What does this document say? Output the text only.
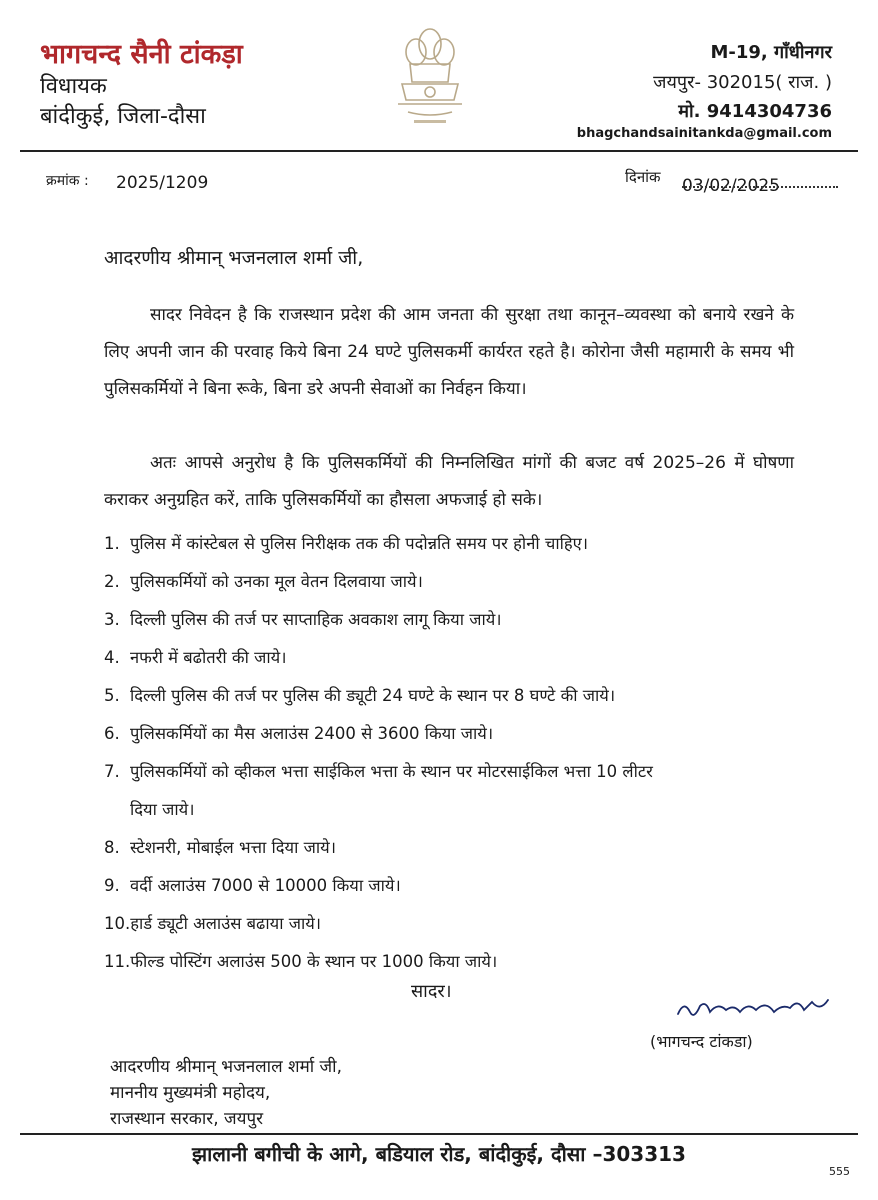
भागचन्द सैनी टांकड़ा
विधायक
बांदीकुई, जिला-दौसा
M-19, गाँधीनगर
जयपुर- 302015( राज. )
मो. 9414304736
bhagchandsainitankda@gmail.com
क्रमांक : 2025/1209	दिनांक 03/02/2025
आदरणीय श्रीमान् भजनलाल शर्मा जी,
सादर निवेदन है कि राजस्थान प्रदेश की आम जनता की सुरक्षा तथा कानून–व्यवस्था को बनाये रखने के लिए अपनी जान की परवाह किये बिना 24 घण्टे पुलिसकर्मी कार्यरत रहते है। कोरोना जैसी महामारी के समय भी पुलिसकर्मियों ने बिना रूके, बिना डरे अपनी सेवाओं का निर्वहन किया।
अतः आपसे अनुरोध है कि पुलिसकर्मियों की निम्नलिखित मांगों की बजट वर्ष 2025–26 में घोषणा कराकर अनुग्रहित करें, ताकि पुलिसकर्मियों का हौसला अफजाई हो सके।
1. पुलिस में कांस्टेबल से पुलिस निरीक्षक तक की पदोन्नति समय पर होनी चाहिए।
2. पुलिसकर्मियों को उनका मूल वेतन दिलवाया जाये।
3. दिल्ली पुलिस की तर्ज पर साप्ताहिक अवकाश लागू किया जाये।
4. नफरी में बढोतरी की जाये।
5. दिल्ली पुलिस की तर्ज पर पुलिस की ड्यूटी 24 घण्टे के स्थान पर 8 घण्टे की जाये।
6. पुलिसकर्मियों का मैस अलाउंस 2400 से 3600 किया जाये।
7. पुलिसकर्मियों को व्हीकल भत्ता साईकिल भत्ता के स्थान पर मोटरसाईकिल भत्ता 10 लीटर
दिया जाये।
8. स्टेशनरी, मोबाईल भत्ता दिया जाये।
9. वर्दी अलाउंस 7000 से 10000 किया जाये।
10. हार्ड ड्यूटी अलाउंस बढाया जाये।
11. फील्ड पोस्टिंग अलाउंस 500 के स्थान पर 1000 किया जाये।
सादर।
(भागचन्द टांकडा)
आदरणीय श्रीमान् भजनलाल शर्मा जी,
माननीय मुख्यमंत्री महोदय,
राजस्थान सरकार, जयपुर
झालानी बगीची के आगे, बडियाल रोड, बांदीकुई, दौसा –303313
555
